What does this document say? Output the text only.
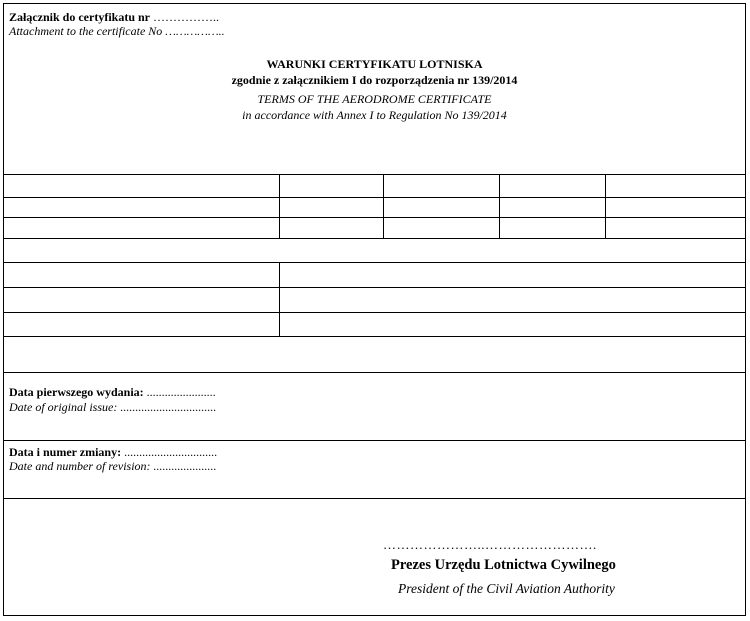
Załącznik do certyfikatu nr ……………..
Attachment to the certificate No ……………..
WARUNKI CERTYFIKATU LOTNISKA
zgodnie z załącznikiem I do rozporządzenia nr 139/2014
TERMS OF THE AERODROME CERTIFICATE
in accordance with Annex I to Regulation No 139/2014
Data pierwszego wydania: .......................
Date of original issue: ................................
Data i numer zmiany: ...............................
Date and number of revision: .....................
…………………..…………………….
Prezes Urzędu Lotnictwa Cywilnego
President of the Civil Aviation Authority
